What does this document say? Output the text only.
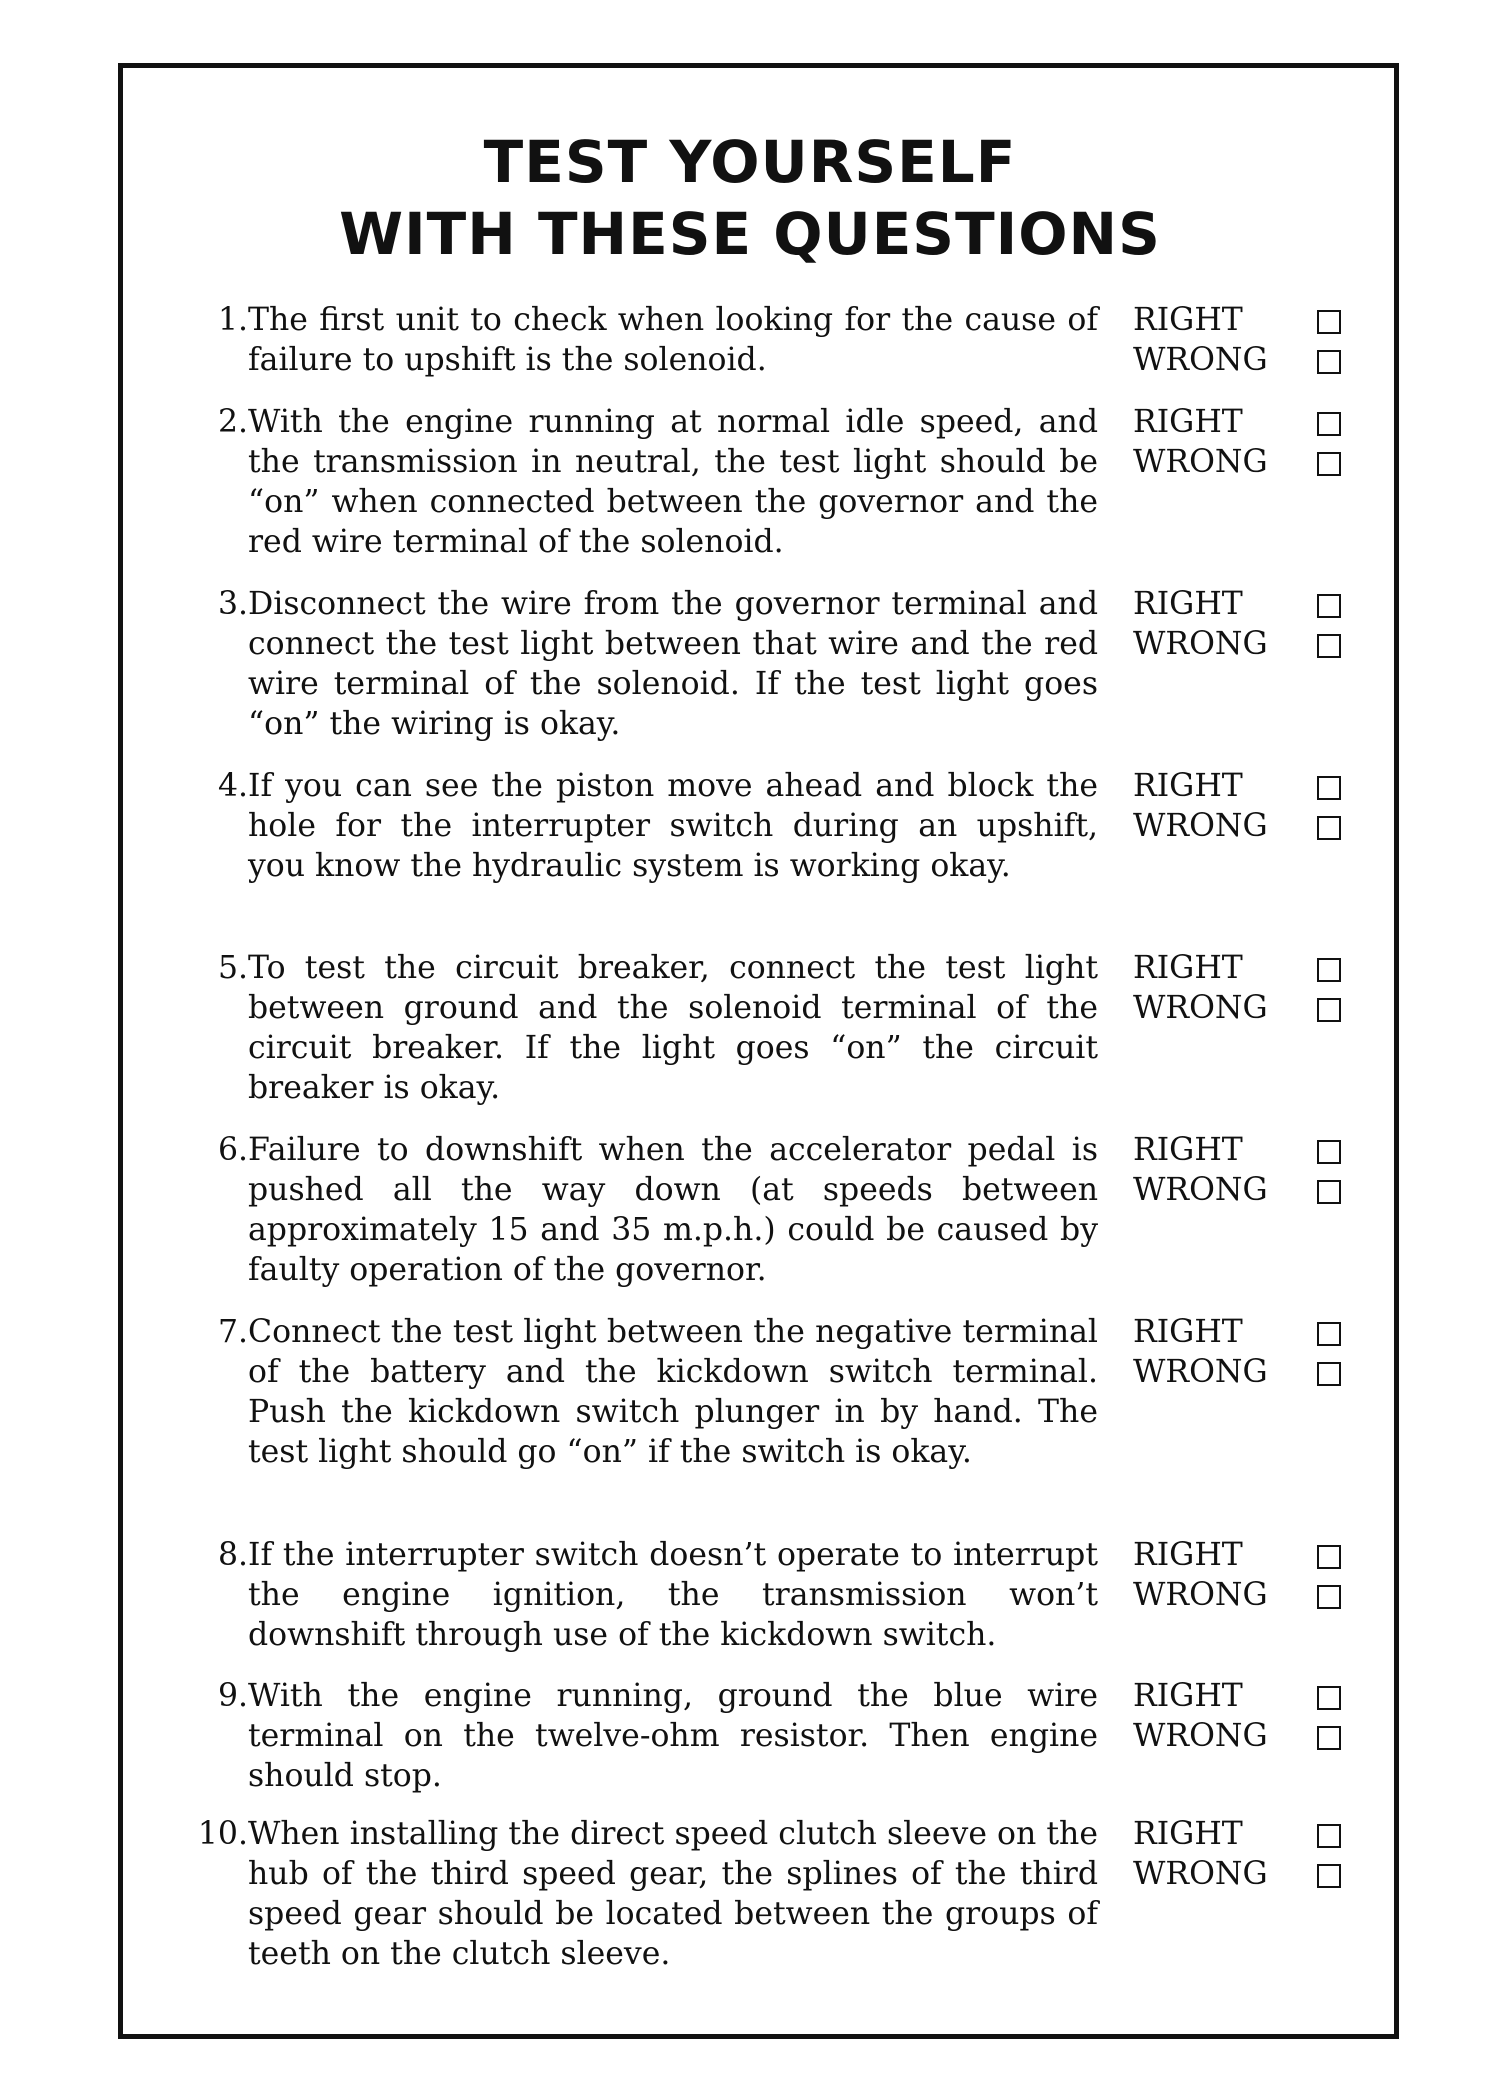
TEST YOURSELF
WITH THESE QUESTIONS
1. The first unit to check when looking for the cause of failure to upshift is the solenoid.
RIGHT
WRONG
2. With the engine running at normal idle speed, and the transmission in neutral, the test light should be “on” when connected between the governor and the red wire terminal of the solenoid.
RIGHT
WRONG
3. Disconnect the wire from the governor terminal and connect the test light between that wire and the red wire terminal of the solenoid. If the test light goes “on” the wiring is okay.
RIGHT
WRONG
4. If you can see the piston move ahead and block the hole for the interrupter switch during an upshift, you know the hydraulic system is working okay.
RIGHT
WRONG
5. To test the circuit breaker, connect the test light between ground and the solenoid terminal of the circuit breaker. If the light goes “on” the circuit breaker is okay.
RIGHT
WRONG
6. Failure to downshift when the accelerator pedal is pushed all the way down (at speeds between approximately 15 and 35 m.p.h.) could be caused by faulty operation of the governor.
RIGHT
WRONG
7. Connect the test light between the negative terminal of the battery and the kickdown switch terminal. Push the kickdown switch plunger in by hand. The test light should go “on” if the switch is okay.
RIGHT
WRONG
8. If the interrupter switch doesn’t operate to interrupt the engine ignition, the transmission won’t downshift through use of the kickdown switch.
RIGHT
WRONG
9. With the engine running, ground the blue wire terminal on the twelve-ohm resistor. Then engine should stop.
RIGHT
WRONG
10. When installing the direct speed clutch sleeve on the hub of the third speed gear, the splines of the third speed gear should be located between the groups of teeth on the clutch sleeve.
RIGHT
WRONG
